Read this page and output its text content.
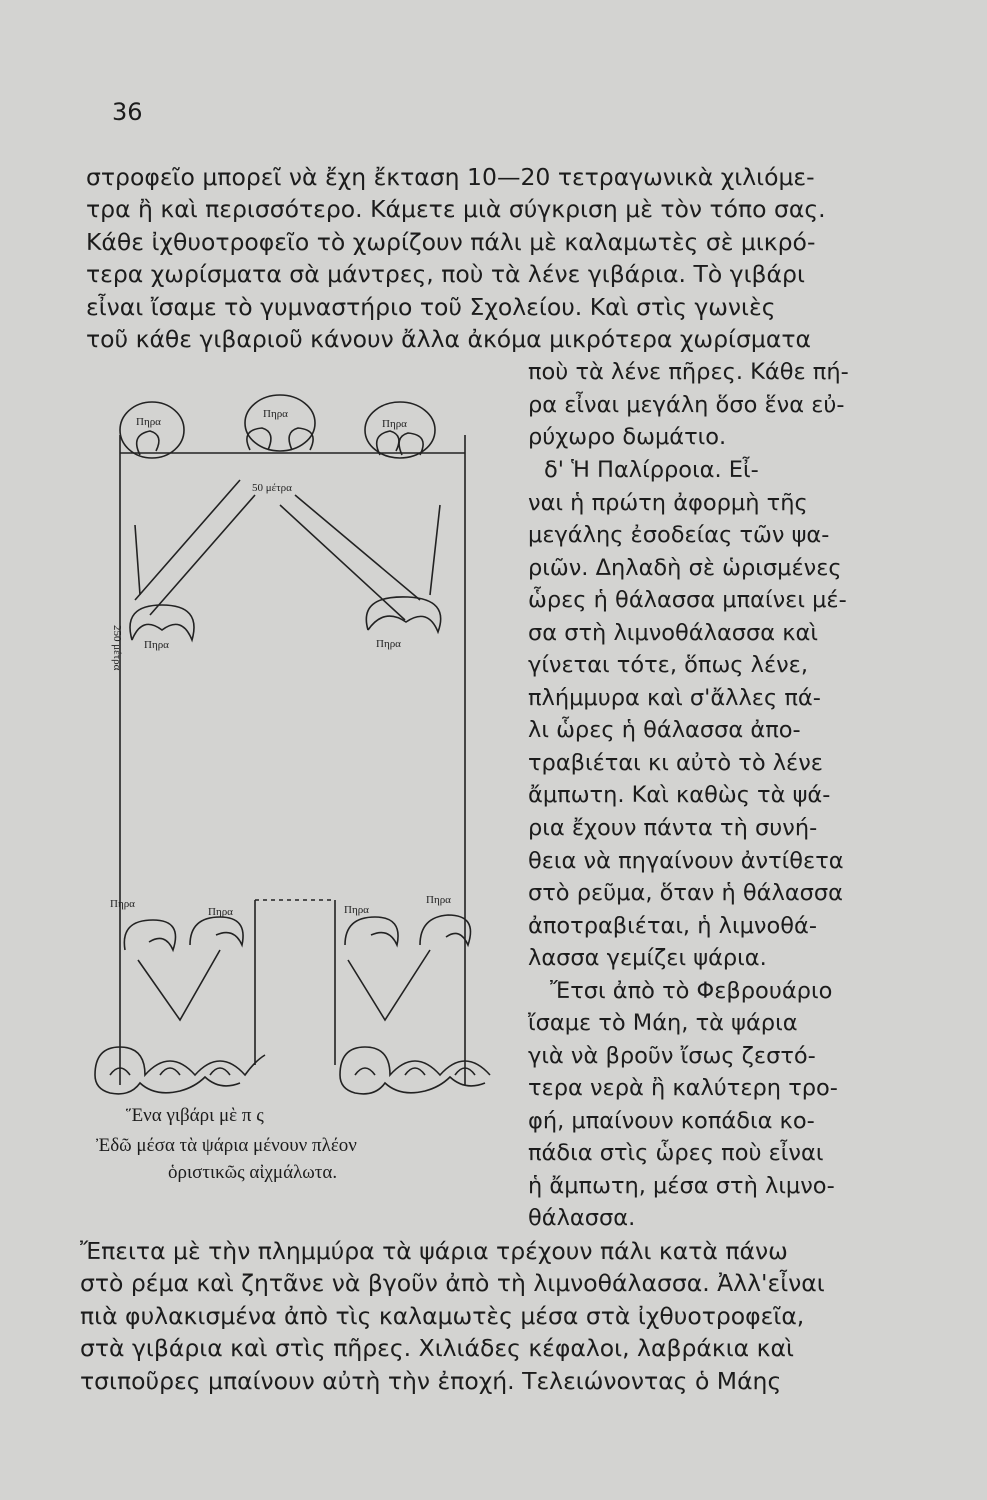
36
στροφεῖο μπορεῖ νὰ ἔχη ἔκταση 10—20 τετραγωνικὰ χιλιόμε-
τρα ἢ καὶ περισσότερο. Κάμετε μιὰ σύγκριση μὲ τὸν τόπο σας.
Κάθε ἰχθυοτροφεῖο τὸ χωρίζουν πάλι μὲ καλαμωτὲς σὲ μικρό-
τερα χωρίσματα σὰ μάντρες, ποὺ τὰ λένε γιβάρια. Τὸ γιβάρι
εἶναι ἴσαμε τὸ γυμναστήριο τοῦ Σχολείου. Καὶ στὶς γωνιὲς
τοῦ κάθε γιβαριοῦ κάνουν ἄλλα ἀκόμα μικρότερα χωρίσματα
ποὺ τὰ λένε πῆρες. Κάθε πή-
ρα εἶναι μεγάλη ὅσο ἕνα εὐ-
ρύχωρο δωμάτιο.
δ' Ἡ Παλίρροια. Εἶ-
ναι ἡ πρώτη ἀφορμὴ τῆς
μεγάλης ἐσοδείας τῶν ψα-
ριῶν. Δηλαδὴ σὲ ὡρισμένες
ὧρες ἡ θάλασσα μπαίνει μέ-
σα στὴ λιμνοθάλασσα καὶ
γίνεται τότε, ὅπως λένε,
πλήμμυρα καὶ σ'ἄλλες πά-
λι ὧρες ἡ θάλασσα ἀπο-
τραβιέται κι αὐτὸ τὸ λένε
ἄμπωτη. Καὶ καθὼς τὰ ψά-
ρια ἔχουν πάντα τὴ συνή-
θεια νὰ πηγαίνουν ἀντίθετα
στὸ ρεῦμα, ὅταν ἡ θάλασσα
ἀποτραβιέται, ἡ λιμνοθά-
λασσα γεμίζει ψάρια.
Ἔτσι ἀπὸ τὸ Φεβρουάριο
ἴσαμε τὸ Μάη, τὰ ψάρια
γιὰ νὰ βροῦν ἴσως ζεστό-
τερα νερὰ ἢ καλύτερη τρο-
φή, μπαίνουν κοπάδια κο-
πάδια στὶς ὧρες ποὺ εἶναι
ἡ ἄμπωτη, μέσα στὴ λιμνο-
θάλασσα.
Ἔπειτα μὲ τὴν πλημμύρα τὰ ψάρια τρέχουν πάλι κατὰ πάνω
στὸ ρέμα καὶ ζητᾶνε νὰ βγοῦν ἀπὸ τὴ λιμνοθάλασσα. Ἀλλ'εἶναι
πιὰ φυλακισμένα ἀπὸ τὶς καλαμωτὲς μέσα στὰ ἰχθυοτροφεῖα,
στὰ γιβάρια καὶ στὶς πῆρες. Χιλιάδες κέφαλοι, λαβράκια καὶ
τσιποῦρες μπαίνουν αὐτὴ τὴν ἐποχή. Τελειώνοντας ὁ Μάης
Πηρα
Πηρα
Πηρα
50 μέτρα
250 μέτρα Πηρα	Πηρα
Πηρα
Πηρα	Πηρα
Πηρα
Ἕνα γιβάρι μὲ π ς
Ἐδῶ μέσα τὰ ψάρια μένουν πλέον
ὁριστικῶς αἰχμάλωτα.
